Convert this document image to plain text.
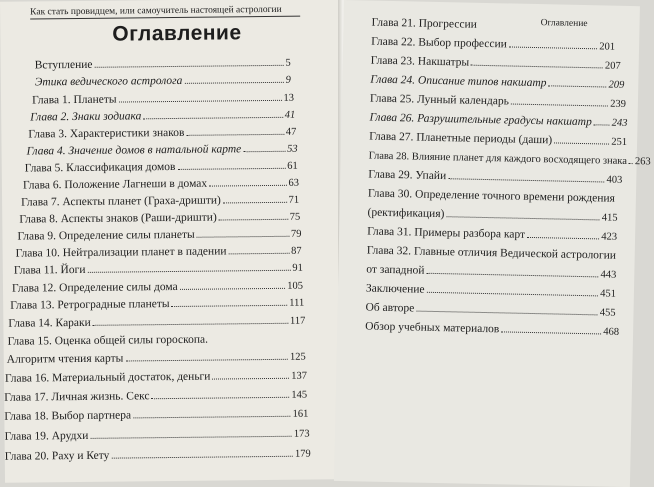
Как стать провидцем, или самоучитель настоящей астрологии
Оглавление
Вступление	5
Этика ведического астролога	9
Глава 1. Планеты	13
Глава 2. Знаки зодиака	41
Глава 3. Характеристики знаков	47
Глава 4. Значение домов в натальной карте	53
Глава 5. Классификация домов	61
Глава 6. Положение Лагнеши в домах	63
Глава 7. Аспекты планет (Граха-дришти)	71
Глава 8. Аспекты знаков (Раши-дришти)	75
Глава 9. Определение силы планеты	79
Глава 10. Нейтрализации планет в падении	87
Глава 11. Йоги	91
Глава 12. Определение силы дома	105
Глава 13. Ретроградные планеты	111
Глава 14. Караки	117
Глава 15. Оценка общей силы гороскопа.
Алгоритм чтения карты	125
Глава 16. Материальный достаток, деньги	137
Глава 17. Личная жизнь. Секс	145
Глава 18. Выбор партнера	161
Глава 19. Арудхи	173
Глава 20. Раху и Кету	179
Оглавление
Глава 21. Прогрессии
Глава 22. Выбор профессии	201
Глава 23. Накшатры	207
Глава 24. Описание типов накшатр	209
Глава 25. Лунный календарь	239
Глава 26. Разрушительные градусы накшатр 243
Глава 27. Планетные периоды (даши)	251
Глава 28. Влияние планет для каждого восходящего знака 263
Глава 29. Упайи	403
Глава 30. Определение точного времени рождения
(ректификация)	415
Глава 31. Примеры разбора карт	423
Глава 32. Главные отличия Ведической астрологии
от западной	443
Заключение	451
Об авторе	455
Обзор учебных материалов	468
